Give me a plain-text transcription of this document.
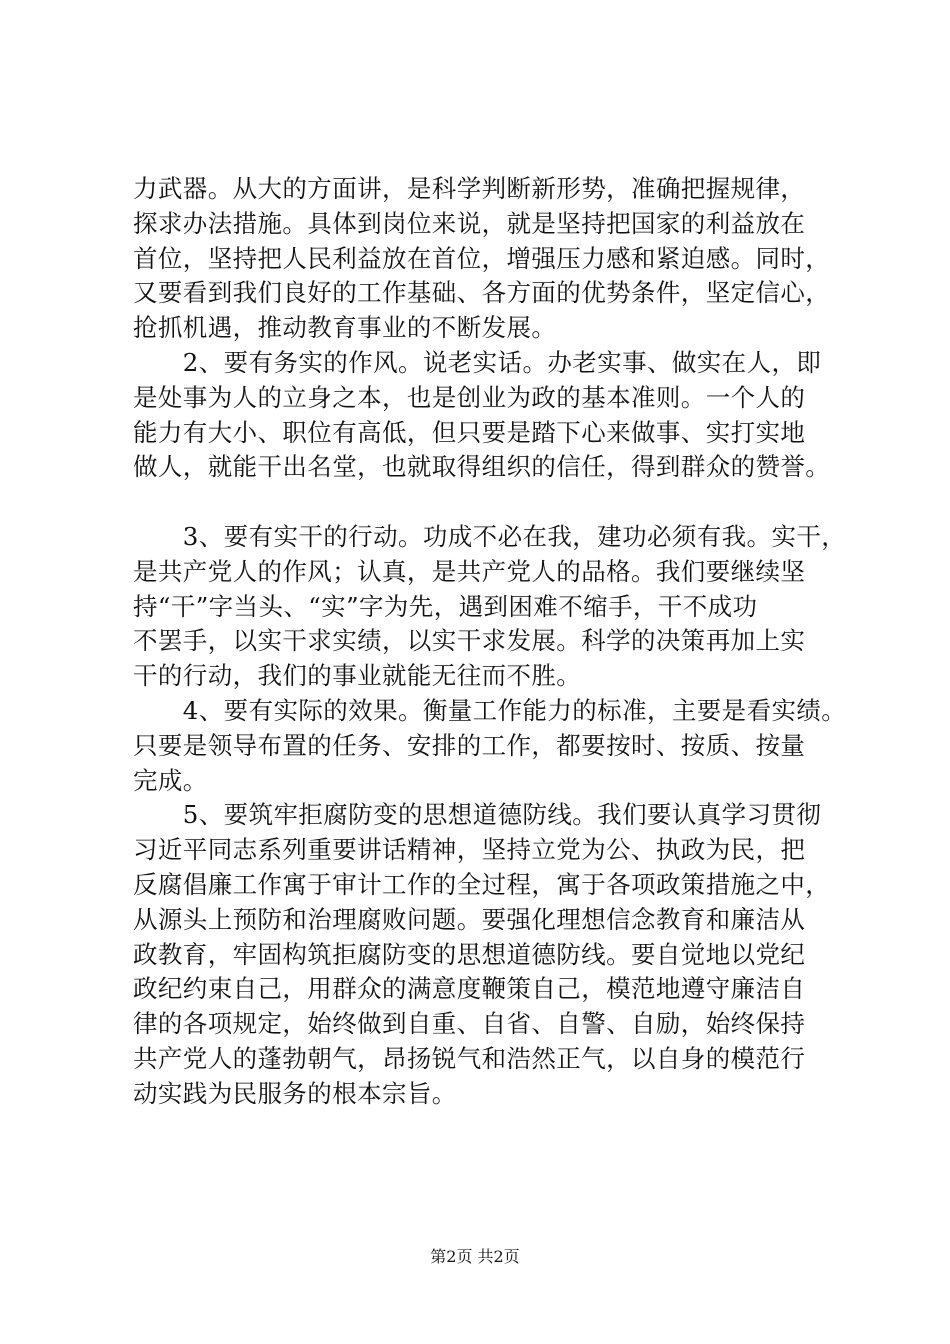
力武器。从大的方面讲，是科学判断新形势，准确把握规律，
探求办法措施。具体到岗位来说，就是坚持把国家的利益放在
首位，坚持把人民利益放在首位，增强压力感和紧迫感。同时，
又要看到我们良好的工作基础、各方面的优势条件，坚定信心，
抢抓机遇，推动教育事业的不断发展。
　　2、要有务实的作风。说老实话。办老实事、做实在人，即
是处事为人的立身之本，也是创业为政的基本准则。一个人的
能力有大小、职位有高低，但只要是踏下心来做事、实打实地
做人，就能干出名堂，也就取得组织的信任，得到群众的赞誉。
　　3、要有实干的行动。功成不必在我，建功必须有我。实干，
是共产党人的作风；认真，是共产党人的品格。我们要继续坚
持“干”字当头、“实”字为先，遇到困难不缩手，干不成功
不罢手，以实干求实绩，以实干求发展。科学的决策再加上实
干的行动，我们的事业就能无往而不胜。
　　4、要有实际的效果。衡量工作能力的标准，主要是看实绩。
只要是领导布置的任务、安排的工作，都要按时、按质、按量
完成。
　　5、要筑牢拒腐防变的思想道德防线。我们要认真学习贯彻
习近平同志系列重要讲话精神，坚持立党为公、执政为民，把
反腐倡廉工作寓于审计工作的全过程，寓于各项政策措施之中，
从源头上预防和治理腐败问题。要强化理想信念教育和廉洁从
政教育，牢固构筑拒腐防变的思想道德防线。要自觉地以党纪
政纪约束自己，用群众的满意度鞭策自己，模范地遵守廉洁自
律的各项规定，始终做到自重、自省、自警、自励，始终保持
共产党人的蓬勃朝气，昂扬锐气和浩然正气，以自身的模范行
动实践为民服务的根本宗旨。
第2页 共2页
